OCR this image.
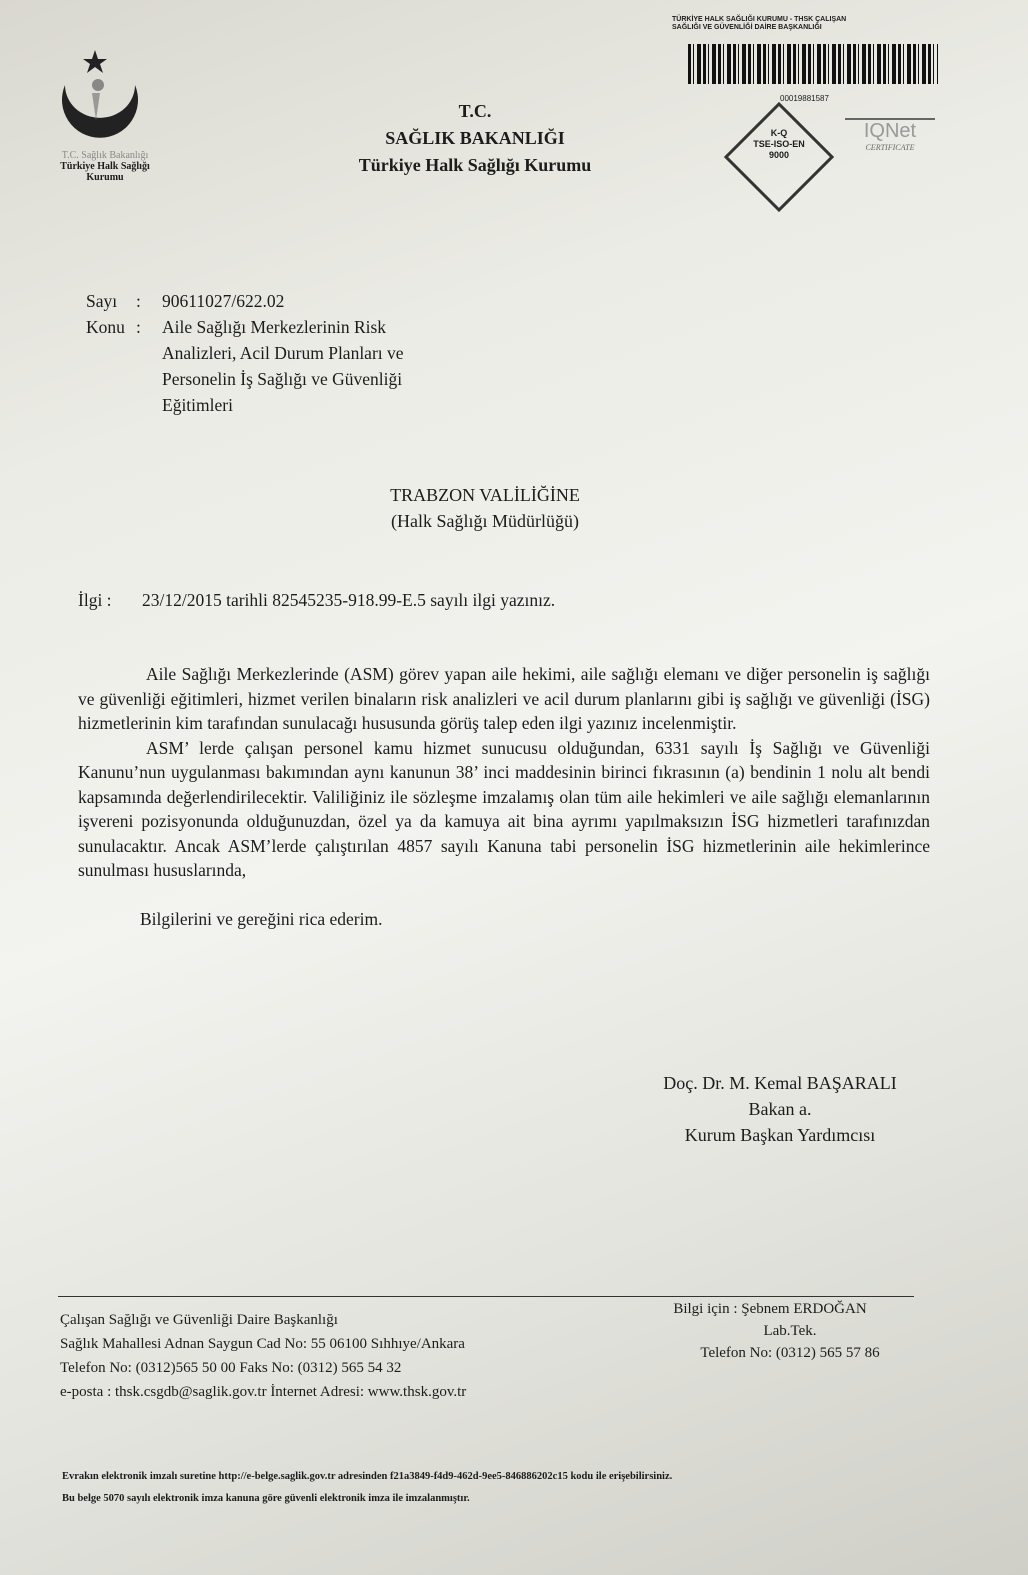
T.C. Sağlık Bakanlığı
Türkiye Halk Sağlığı
Kurumu
T.C.
SAĞLIK BAKANLIĞI
Türkiye Halk Sağlığı Kurumu
TÜRKİYE HALK SAĞLIĞI KURUMU - THSK ÇALIŞAN
SAĞLIĞI VE GÜVENLİĞİ DAİRE BAŞKANLIĞI
00019881587
K-Q
TSE-ISO-EN
9000
IQNet
CERTIFICATE
Sayı : 90611027/622.02
Konu :	Aile Sağlığı Merkezlerinin Risk
Analizleri, Acil Durum Planları ve
Personelin İş Sağlığı ve Güvenliği
Eğitimleri
TRABZON VALİLİĞİNE
(Halk Sağlığı Müdürlüğü)
İlgi : 23/12/2015 tarihli 82545235-918.99-E.5 sayılı ilgi yazınız.

Aile Sağlığı Merkezlerinde (ASM) görev yapan aile hekimi, aile sağlığı elemanı ve diğer personelin iş sağlığı ve güvenliği eğitimleri, hizmet verilen binaların risk analizleri ve acil durum planlarını gibi iş sağlığı ve güvenliği (İSG) hizmetlerinin kim tarafından sunulacağı hususunda görüş talep eden ilgi yazınız incelenmiştir.

ASM’ lerde çalışan personel kamu hizmet sunucusu olduğundan, 6331 sayılı İş Sağlığı ve Güvenliği Kanunu’nun uygulanması bakımından aynı kanunun 38’ inci maddesinin birinci fıkrasının (a) bendinin 1 nolu alt bendi kapsamında değerlendirilecektir. Valiliğiniz ile sözleşme imzalamış olan tüm aile hekimleri ve aile sağlığı elemanlarının işvereni pozisyonunda olduğunuzdan, özel ya da kamuya ait bina ayrımı yapılmaksızın İSG hizmetleri tarafınızdan sunulacaktır. Ancak ASM’lerde çalıştırılan 4857 sayılı Kanuna tabi personelin İSG hizmetlerinin aile hekimlerince sunulması hususlarında,

Bilgilerini ve gereğini rica ederim.

Doç. Dr. M. Kemal BAŞARALI
Bakan a.
Kurum Başkan Yardımcısı
Çalışan Sağlığı ve Güvenliği Daire Başkanlığı
Sağlık Mahallesi Adnan Saygun Cad No: 55 06100 Sıhhıye/Ankara
Telefon No: (0312)565 50 00 Faks No: (0312) 565 54 32
e-posta : thsk.csgdb@saglik.gov.tr İnternet Adresi: www.thsk.gov.tr
Bilgi için : Şebnem ERDOĞAN
Lab.Tek.
Telefon No: (0312) 565 57 86
Evrakın elektronik imzalı suretine http://e-belge.saglik.gov.tr adresinden f21a3849-f4d9-462d-9ee5-846886202c15 kodu ile erişebilirsiniz.
Bu belge 5070 sayılı elektronik imza kanuna göre güvenli elektronik imza ile imzalanmıştır.
